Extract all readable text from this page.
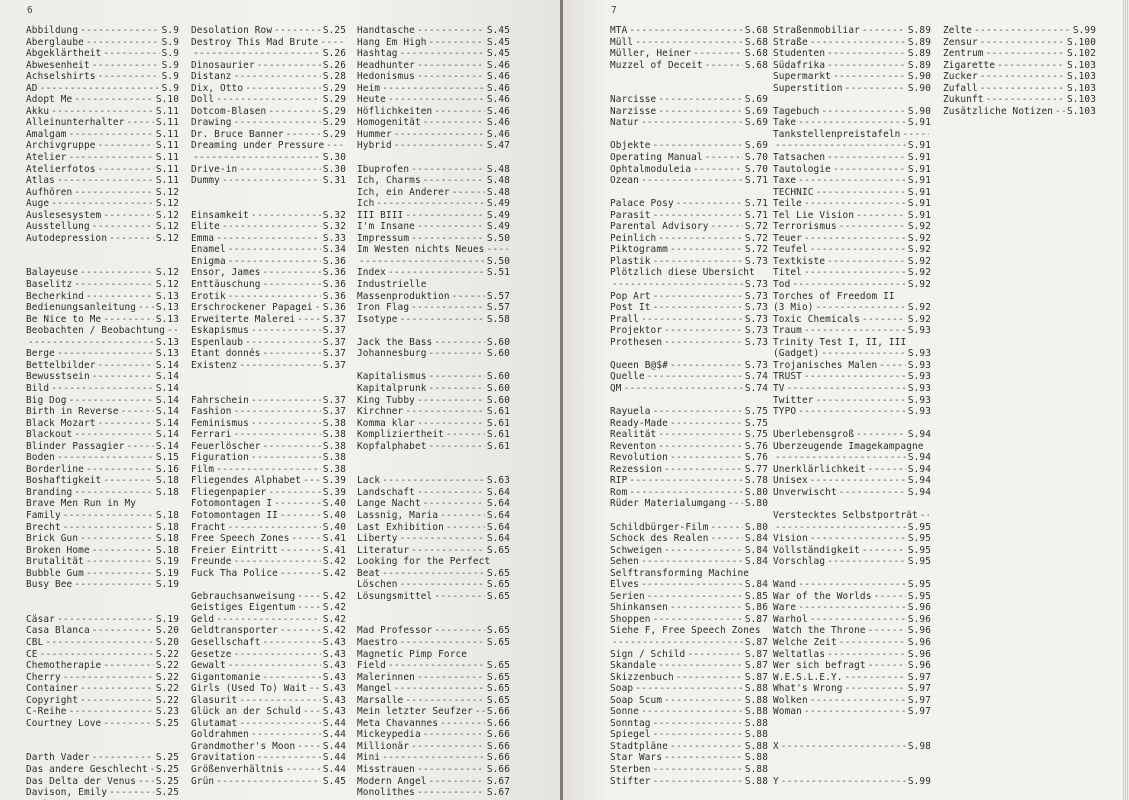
6
Abbildung -----	S.9
Aberglaube -----	S.9
Abgeklärtheit -----	S.9
Abwesenheit -----	S.9
Achselshirts -----	S.9
AD -----	S.9
Adopt Me -----	S.10
Akku -----	S.11
Alleinunterhalter -----	S.11
Amalgam -----	S.11
Archivgruppe -----	S.11
Atelier -----	S.11
Atelierfotos -----	S.11
Atlas -----	S.11
Aufhören -----	S.12
Auge -----	S.12
Auslesesystem -----	S.12
Ausstellung -----	S.12
Autodepression -----	S.12
Balayeuse -----	S.12
Baselitz -----	S.12
Becherkind -----	S.13
Bedienungsanleitung ----- S.13
Be Nice to Me -----	S.13
Beobachten / Beobachtung
-----
-----
S.13
Berge -----	S.13
Bettelbilder -----	S.14
Bewusstsein -----	S.14
Bild -----	S.14
Big Dog -----	S.14
Birth in Reverse -----	S.14
Black Mozart -----	S.14
Blackout -----	S.14
Blinder Passagier -----	S.14
Boden -----	S.15
Borderline -----	S.16
Boshaftigkeit -----	S.18
Branding -----	S.18
Brave Men Run in My
Family -----	S.18
Brecht -----	S.18
Brick Gun -----	S.18
Broken Home -----	S.18
Brutalität -----	S.19
Bubble Gum -----	S.19
Busy Bee -----	S.19
Cäsar -----	S.19
Casa Blanca -----	S.20
CBL -----	S.20
CE -----	S.22
Chemotherapie -----	S.22
Cherry -----	S.22
Container -----	S.22
Copyright -----	S.22
C-Reihe -----	S.23
Courtney Love -----	S.25
Darth Vader -----	S.25
Das andere Geschlecht ----- S.25
Das Delta der Venus ----- S.25
Davison, Emily -----	S.25
-----
Desolation Row -----	S.25
Destroy This Mad Brute
-----
-----
S.26
Dinosaurier -----	S.26
Distanz -----	S.28
Dix, Otto -----	S.29
Doll -----	S.29
Dotcom-Blasen -----	S.29
Drawing -----	S.29
Dr. Bruce Banner -----	S.29
Dreaming under Pressure
-----
-----
S.30
Drive-in -----	S.30
Dummy -----	S.31
Einsamkeit -----	S.32
Elite -----	S.32
Emma -----	S.33
Enamel -----	S.34
Enigma -----	S.36
Ensor, James -----	S.36
Enttäuschung -----	S.36
Erotik -----	S.36
Erschrockener Papagei ----- S.36
Erweiterte Malerei -----	S.37
Eskapismus -----	S.37
Espenlaub -----	S.37
Etant donnés -----	S.37
Existenz -----	S.37
Fahrschein -----	S.37
Fashion -----	S.37
Feminismus -----	S.38
Ferrari -----	S.38
Feuerlöscher -----	S.38
Figuration -----	S.38
Film -----	S.38
Fliegendes Alphabet ----- S.39
Fliegenpapier -----	S.39
Fotomontagen I -----	S.40
Fotomontagen II -----	S.40
Fracht -----	S.40
Free Speech Zones -----	S.41
Freier Eintritt -----	S.41
Freunde -----	S.42
Fuck Tha Police -----	S.42
Gebrauchsanweisung -----	S.42
Geistiges Eigentum -----	S.42
Geld -----	S.42
Geldtransporter -----	S.42
Gesellschaft -----	S.43
Gesetze -----	S.43
Gewalt -----	S.43
Gigantomanie -----	S.43
Girls (Used To) Wait ----- S.43
Glasurit -----	S.43
Glück an der Schuld ----- S.43
Glutamat -----	S.44
Goldrahmen -----	S.44
Grandmother's Moon -----	S.44
Gravitation -----	S.44
Größenverhältnis -----	S.44
Grün -----	S.45
Handtasche -----	S.45
Hang Em High -----	S.45
Hashtag -----	S.45
Headhunter -----	S.46
Hedonismus -----	S.46
Heim -----	S.46
Heute -----	S.46
Höflichkeiten -----	S.46
Homogenität -----	S.46
Hummer -----	S.46
Hybrid -----	S.47
Ibuprofen -----	S.48
Ich, Charms -----	S.48
Ich, ein Anderer -----	S.48
Ich -----	S.49
III BIII -----	S.49
I'm Insane -----	S.49
Impressum -----	S.50
Im Westen nichts Neues
-----
-----
S.50
Index -----	S.51
Industrielle
Massenproduktion -----	S.57
Iron Flag -----	S.57
Isotype -----	S.58
Jack the Bass -----	S.60
Johannesburg -----	S.60
Kapitalismus -----	S.60
Kapitalprunk -----	S.60
King Tubby -----	S.60
Kirchner -----	S.61
Komma klar -----	S.61
Kompliziertheit -----	S.61
Kopfalphabet -----	S.61
Lack -----	S.63
Landschaft -----	S.64
Lange Nacht -----	S.64
Lassnig, Maria -----	S.64
Last Exhibition -----	S.64
Liberty -----	S.64
Literatur -----	S.65
Looking for the Perfect
Beat -----	S.65
Löschen -----	S.65
Lösungsmittel -----	S.65
Mad Professor -----	S.65
Maestro -----	S.65
Magnetic Pimp Force
Field -----	S.65
Malerinnen -----	S.65
Mangel -----	S.65
Marsalle -----	S.65
Mein letzter Seufzer ----- S.66
Meta Chavannes -----	S.66
Mickeypedia -----	S.66
Millionär -----	S.66
Mini -----	S.66
Misstrauen -----	S.66
Modern Angel -----	S.67
Monolithes -----	S.67
7
MTA -----	S.68
Müll -----	S.68
Müller, Heiner -----	S.68
Muzzel of Deceit -----	S.68
Narcisse -----	S.69
Narzisse -----	S.69
Natur -----	S.69
Objekte -----	S.69
Operating Manual -----	S.70
Ophtalmoduleia -----	S.70
Ozean -----	S.71
Palace Posy -----	S.71
Parasit -----	S.71
Parental Advisory -----	S.72
Peinlich -----	S.72
Piktogramm -----	S.72
Plastik -----	S.73
Plötzlich diese Übersicht
-----
S.73
Pop Art -----	S.73
Post It -----	S.73
Prall -----	S.73
Projektor -----	S.73
Prothesen -----	S.73
Queen B@$# -----	S.73
Quelle -----	S.74
QM -----	S.74
Rayuela -----	S.75
Ready-Made -----	S.75
Realität -----	S.75
Reventon -----	S.76
Revolution -----	S.76
Rezession -----	S.77
RIP -----	S.78
Rom -----	S.80
Rüder Materialumgang ----- S.80
Schildbürger-Film -----	S.80
Schock des Realen -----	S.84
Schweigen -----	S.84
Sehen -----	S.84
Selftransforming Machine
Elves -----	S.84
Serien -----	S.85
Shinkansen -----	S.86
Shoppen -----	S.87
Siehe F, Free Speech Zones
-----
S.87
Sign / Schild -----	S.87
Skandale -----	S.87
Skizzenbuch -----	S.87
Soap -----	S.88
Soap Scum -----	S.88
Sonne -----	S.88
Sonntag -----	S.88
Spiegel -----	S.88
Stadtpläne -----	S.88
Star Wars -----	S.88
Sterben -----	S.88
Stifter -----	S.88
Straßenmobiliar -----	S.89
Straße -----	S.89
Studenten -----	S.89
Südafrika -----	S.89
Supermarkt -----	S.90
Superstition -----	S.90
Tagebuch -----	S.90
Take -----	S.91
Tankstellenpreistafeln
-----
-----
S.91
Tatsachen -----	S.91
Tautologie -----	S.91
Taxe -----	S.91
TECHNIC -----	S.91
Teile -----	S.91
Tel Lie Vision -----	S.91
Terrorismus -----	S.92
Teuer -----	S.92
Teufel -----	S.92
Textkiste -----	S.92
Titel -----	S.92
Tod -----	S.92
Torches of Freedom II
(3 Mio) -----	S.92
Toxic Chemicals -----	S.92
Traum -----	S.93
Trinity Test I, II, III
(Gadget) -----	S.93
Trojanisches Malen -----	S.93
TRUST -----	S.93
TV -----	S.93
Twitter -----	S.93
TYPO -----	S.93
Überlebensgroß -----	S.94
Überzeugende Imagekampagne
-----
S.94
Unerklärlichkeit -----	S.94
Unisex -----	S.94
Unverwischt -----	S.94
Verstecktes Selbstporträt
-----
-----
S.95
Vision -----	S.95
Vollständigkeit -----	S.95
Vorschlag -----	S.95
Wand -----	S.95
War of the Worlds -----	S.95
Ware -----	S.96
Warhol -----	S.96
Watch the Throne -----	S.96
Welche Zeit -----	S.96
Weltatlas -----	S.96
Wer sich befragt -----	S.96
W.E.S.L.E.Y. -----	S.97
What's Wrong -----	S.97
Wolken -----	S.97
Woman -----	S.97
X -----	S.98
Y -----	S.99
Zelte -----	S.99
Zensur -----	S.100
Zentrum -----	S.102
Zigarette -----	S.103
Zucker -----	S.103
Zufall -----	S.103
Zukunft -----	S.103
Zusätzliche Notizen ----- S.103
